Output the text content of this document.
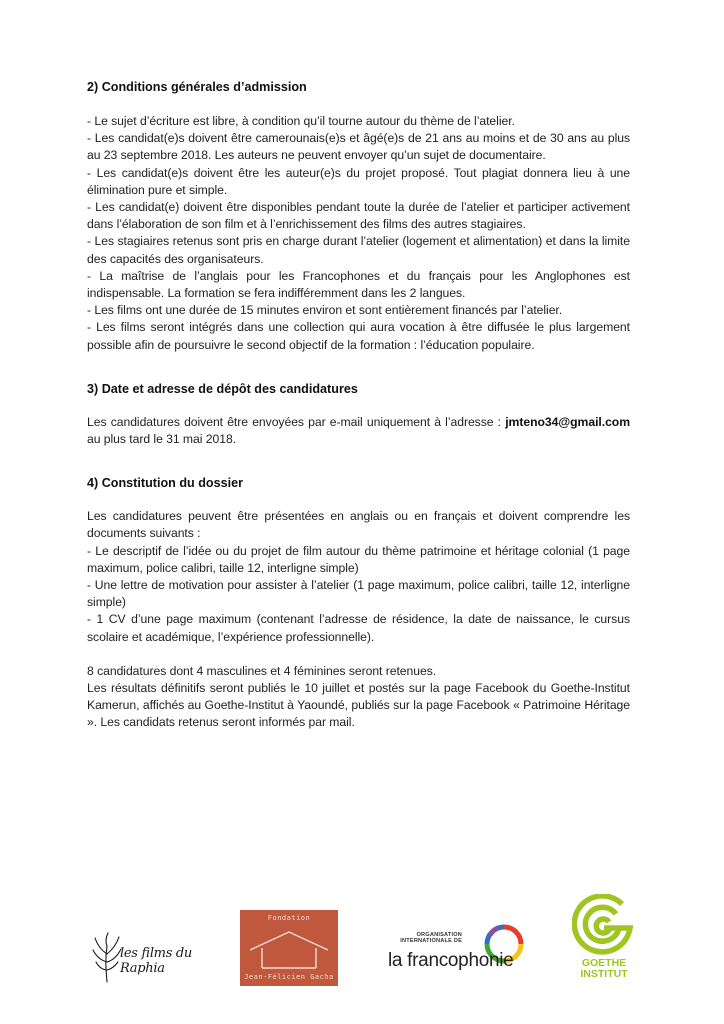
2) Conditions générales d’admission
- Le sujet d’écriture est libre, à condition qu’il tourne autour du thème de l’atelier.
- Les candidat(e)s doivent être camerounais(e)s et âgé(e)s de 21 ans au moins et de 30 ans au plus au 23 septembre 2018. Les auteurs ne peuvent envoyer qu’un sujet de documentaire.
- Les candidat(e)s doivent être les auteur(e)s du projet proposé. Tout plagiat donnera lieu à une élimination pure et simple.
- Les candidat(e) doivent être disponibles pendant toute la durée de l’atelier et participer activement dans l’élaboration de son film et à l’enrichissement des films des autres stagiaires.
- Les stagiaires retenus sont pris en charge durant l’atelier (logement et alimentation) et dans la limite des capacités des organisateurs.
- La maîtrise de l’anglais pour les Francophones et du français pour les Anglophones est indispensable. La formation se fera indifféremment dans les 2 langues.
- Les films ont une durée de 15 minutes environ et sont entièrement financés par l’atelier.
- Les films seront intégrés dans une collection qui aura vocation à être diffusée le plus largement possible afin de poursuivre le second objectif de la formation : l’éducation populaire.
3) Date et adresse de dépôt des candidatures

Les candidatures doivent être envoyées par e-mail uniquement à l’adresse : jmteno34@gmail.com au plus tard le 31 mai 2018.

4) Constitution du dossier
Les candidatures peuvent être présentées en anglais ou en français et doivent comprendre les documents suivants :
- Le descriptif de l’idée ou du projet de film autour du thème patrimoine et héritage colonial (1 page maximum, police calibri, taille 12, interligne simple)
- Une lettre de motivation pour assister à l’atelier (1 page maximum, police calibri, taille 12, interligne simple)
- 1 CV d’une page maximum (contenant l’adresse de résidence, la date de naissance, le cursus scolaire et académique, l’expérience professionnelle).
8 candidatures dont 4 masculines et 4 féminines seront retenues.
Les résultats définitifs seront publiés le 10 juillet et postés sur la page Facebook du Goethe-Institut Kamerun, affichés au Goethe-Institut à Yaoundé, publiés sur la page Facebook « Patrimoine Héritage ». Les candidats retenus seront informés par mail.
les films du Raphia
Fondation
Jean-Félicien Gacha
ORGANISATION
INTERNATIONALE DE
la francophonie	GOETHE
INSTITUT
